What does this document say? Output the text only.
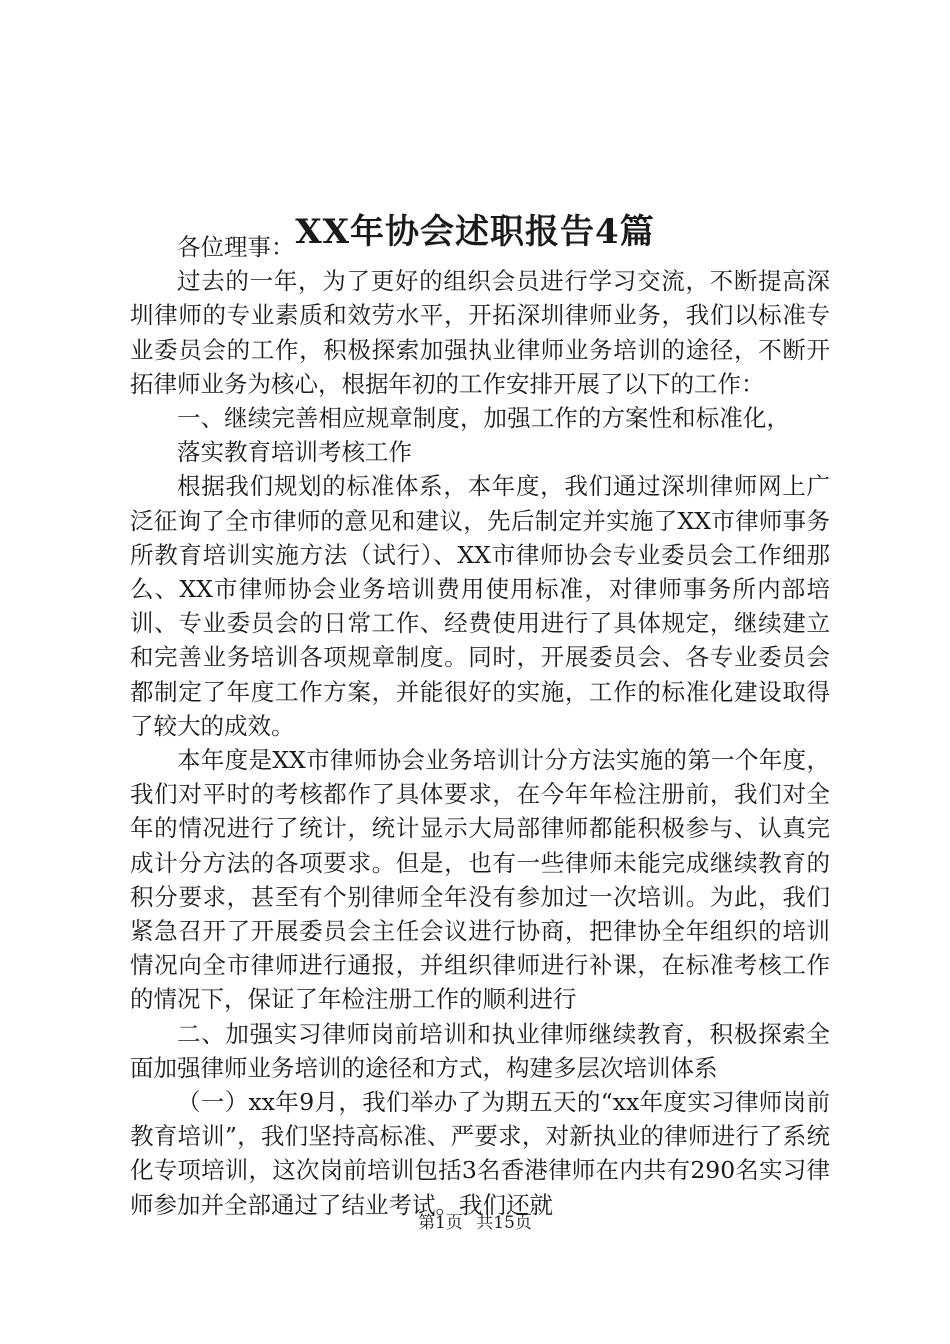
XX年协会述职报告4篇

各位理事：

过去的一年，为了更好的组织会员进行学习交流，不断提高深圳律师的专业素质和效劳水平，开拓深圳律师业务，我们以标准专业委员会的工作，积极探索加强执业律师业务培训的途径，不断开拓律师业务为核心，根据年初的工作安排开展了以下的工作：

一、继续完善相应规章制度，加强工作的方案性和标准化，落实教育培训考核工作

根据我们规划的标准体系，本年度，我们通过深圳律师网上广泛征询了全市律师的意见和建议，先后制定并实施了XX市律师事务所教育培训实施方法（试行）、XX市律师协会专业委员会工作细那么、XX市律师协会业务培训费用使用标准，对律师事务所内部培训、专业委员会的日常工作、经费使用进行了具体规定，继续建立和完善业务培训各项规章制度。同时，开展委员会、各专业委员会都制定了年度工作方案，并能很好的实施，工作的标准化建设取得了较大的成效。

本年度是XX市律师协会业务培训计分方法实施的第一个年度，我们对平时的考核都作了具体要求，在今年年检注册前，我们对全年的情况进行了统计，统计显示大局部律师都能积极参与、认真完成计分方法的各项要求。但是，也有一些律师未能完成继续教育的积分要求，甚至有个别律师全年没有参加过一次培训。为此，我们紧急召开了开展委员会主任会议进行协商，把律协全年组织的培训情况向全市律师进行通报，并组织律师进行补课，在标准考核工作的情况下，保证了年检注册工作的顺利进行

二、加强实习律师岗前培训和执业律师继续教育，积极探索全面加强律师业务培训的途径和方式，构建多层次培训体系

（一）xx年9月，我们举办了为期五天的“xx年度实习律师岗前教育培训”，我们坚持高标准、严要求，对新执业的律师进行了系统化专项培训，这次岗前培训包括3名香港律师在内共有290名实习律师参加并全部通过了结业考试。我们还就

第1页 共15页
